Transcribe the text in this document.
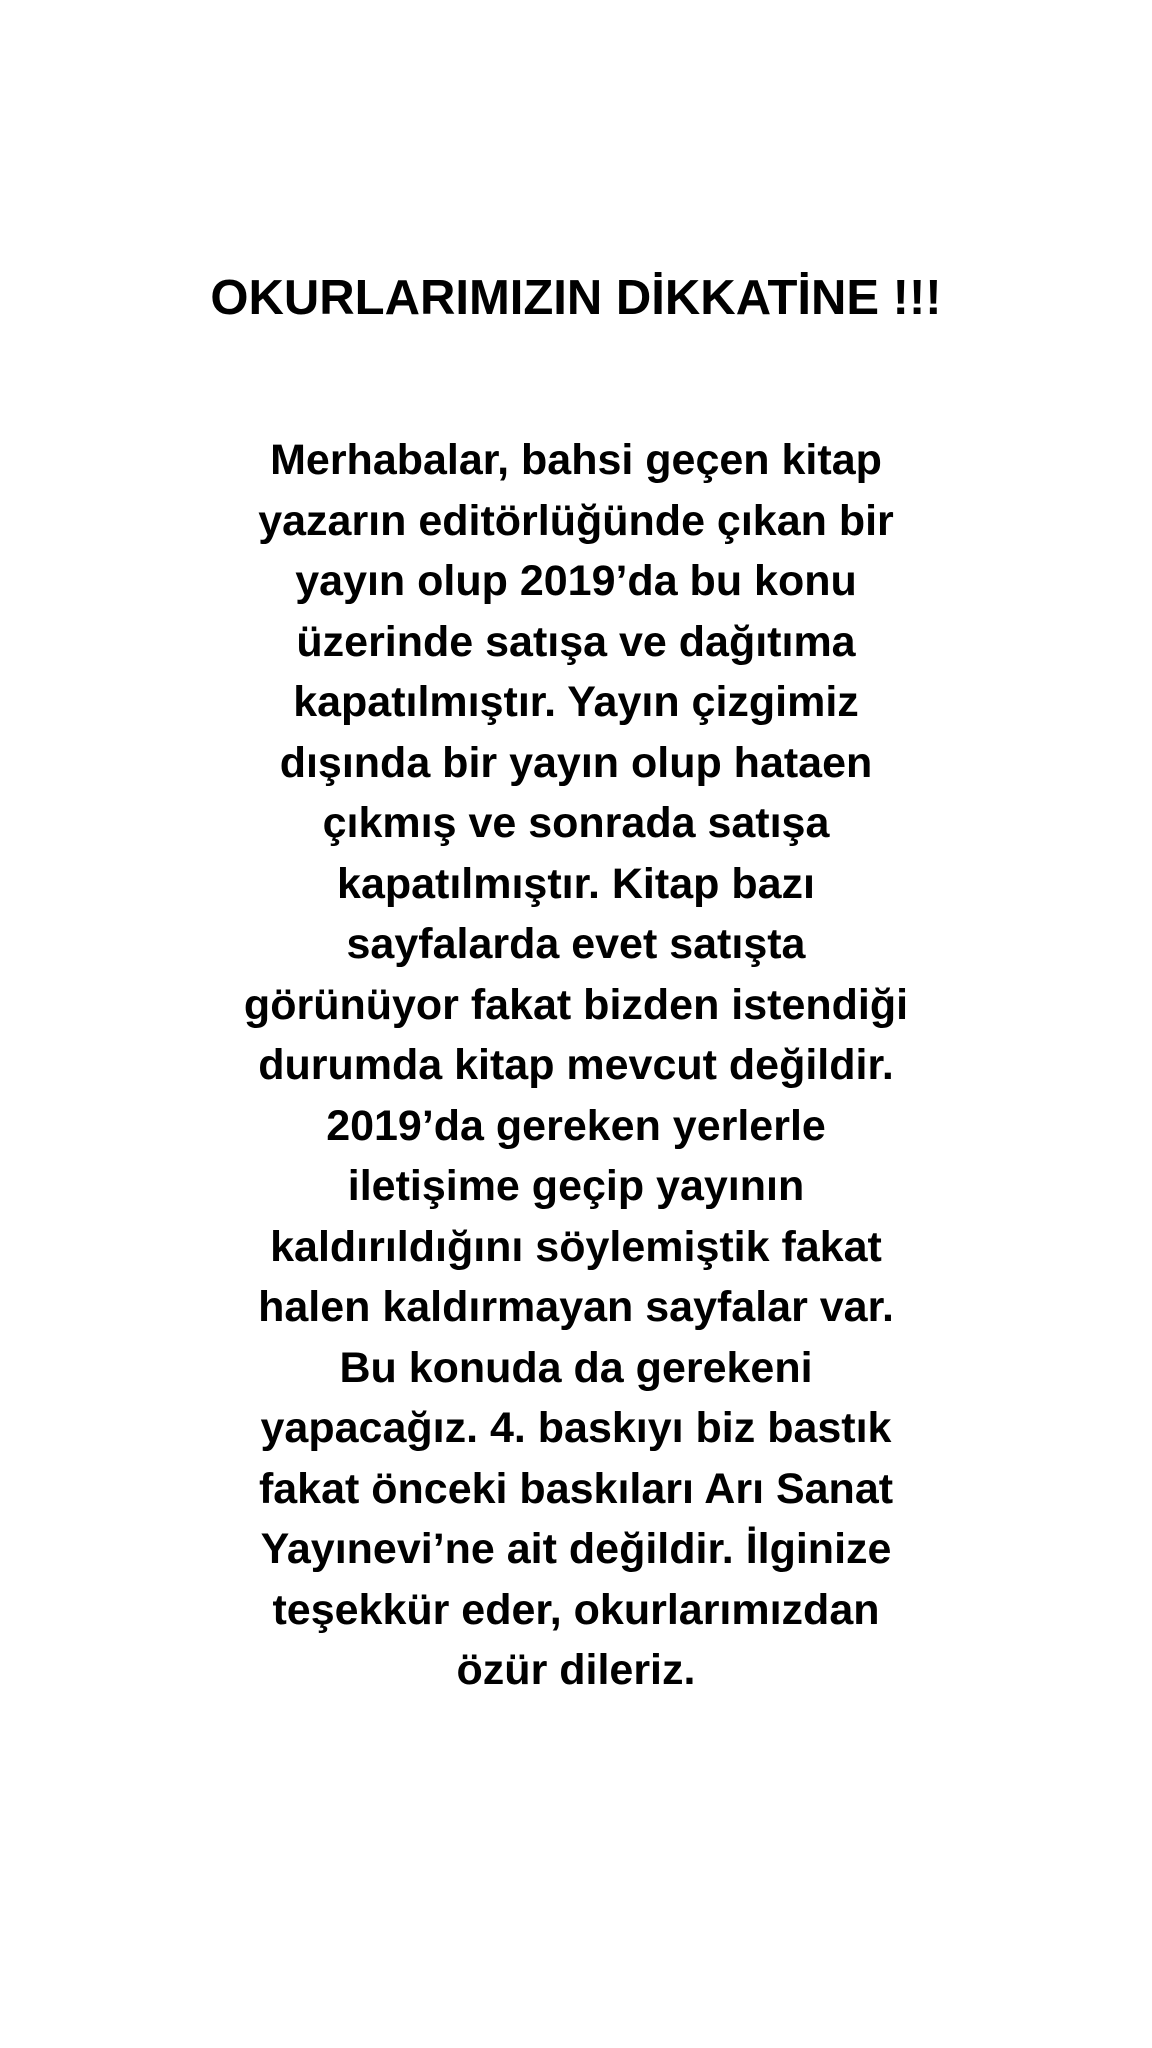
OKURLARIMIZIN DİKKATİNE !!!
Merhabalar, bahsi geçen kitap
yazarın editörlüğünde çıkan bir
yayın olup 2019’da bu konu
üzerinde satışa ve dağıtıma
kapatılmıştır. Yayın çizgimiz
dışında bir yayın olup hataen
çıkmış ve sonrada satışa
kapatılmıştır. Kitap bazı
sayfalarda evet satışta
görünüyor fakat bizden istendiği
durumda kitap mevcut değildir.
2019’da gereken yerlerle
iletişime geçip yayının
kaldırıldığını söylemiştik fakat
halen kaldırmayan sayfalar var.
Bu konuda da gerekeni
yapacağız. 4. baskıyı biz bastık
fakat önceki baskıları Arı Sanat
Yayınevi’ne ait değildir. İlginize
teşekkür eder, okurlarımızdan
özür dileriz.
